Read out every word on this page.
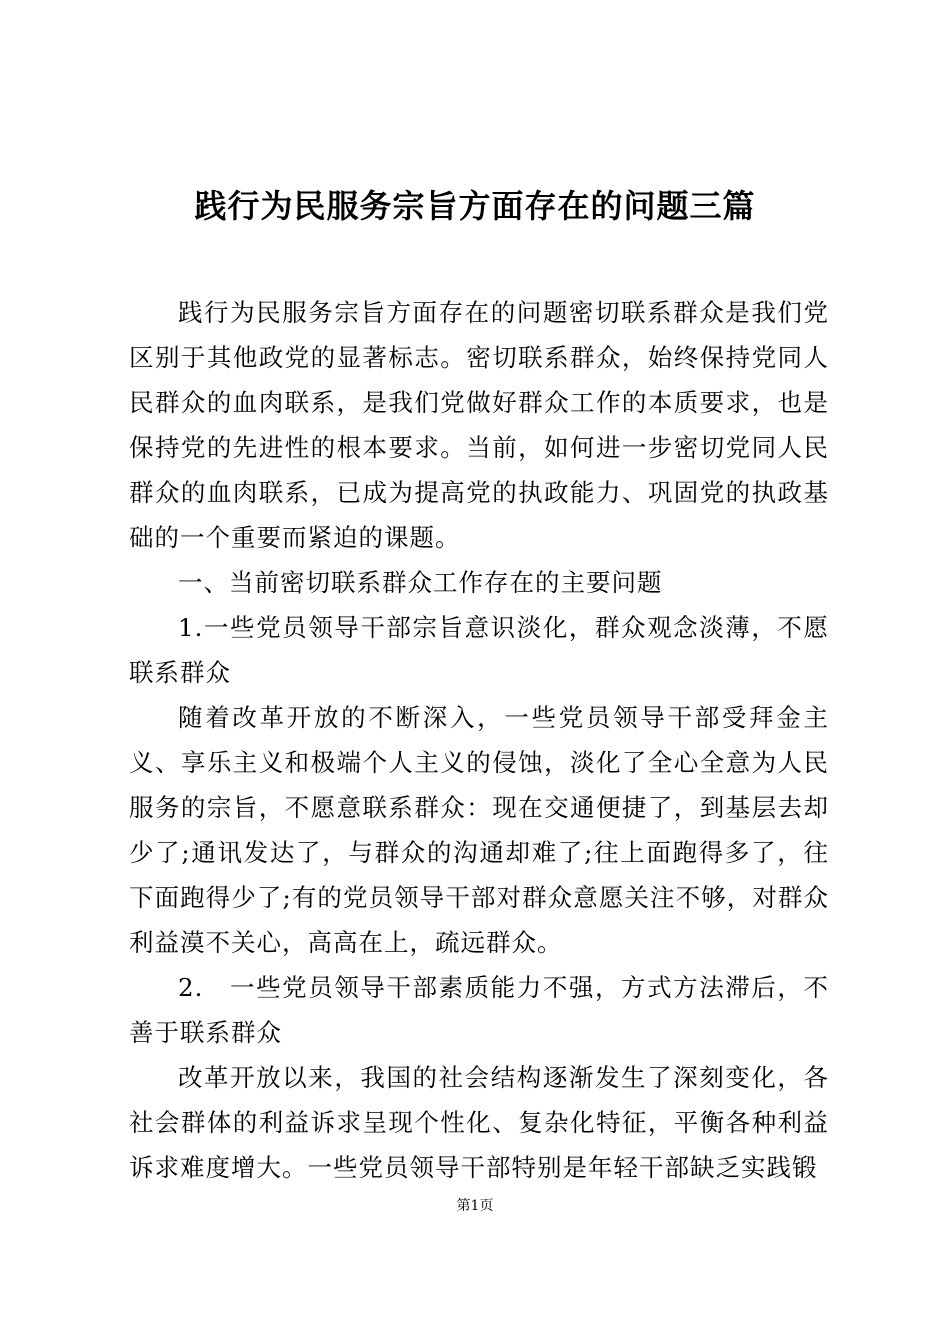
践行为民服务宗旨方面存在的问题三篇

践行为民服务宗旨方面存在的问题密切联系群众是我们党区别于其他政党的显著标志。密切联系群众，始终保持党同人民群众的血肉联系，是我们党做好群众工作的本质要求，也是保持党的先进性的根本要求。当前，如何进一步密切党同人民群众的血肉联系，已成为提高党的执政能力、巩固党的执政基础的一个重要而紧迫的课题。

一、当前密切联系群众工作存在的主要问题

1.一些党员领导干部宗旨意识淡化，群众观念淡薄，不愿联系群众

随着改革开放的不断深入，一些党员领导干部受拜金主义、享乐主义和极端个人主义的侵蚀，淡化了全心全意为人民服务的宗旨，不愿意联系群众：现在交通便捷了，到基层去却少了;通讯发达了，与群众的沟通却难了;往上面跑得多了，往下面跑得少了;有的党员领导干部对群众意愿关注不够，对群众利益漠不关心，高高在上，疏远群众。

2.　一些党员领导干部素质能力不强，方式方法滞后，不善于联系群众

改革开放以来，我国的社会结构逐渐发生了深刻变化，各社会群体的利益诉求呈现个性化、复杂化特征，平衡各种利益诉求难度增大。一些党员领导干部特别是年轻干部缺乏实践锻

第1页
